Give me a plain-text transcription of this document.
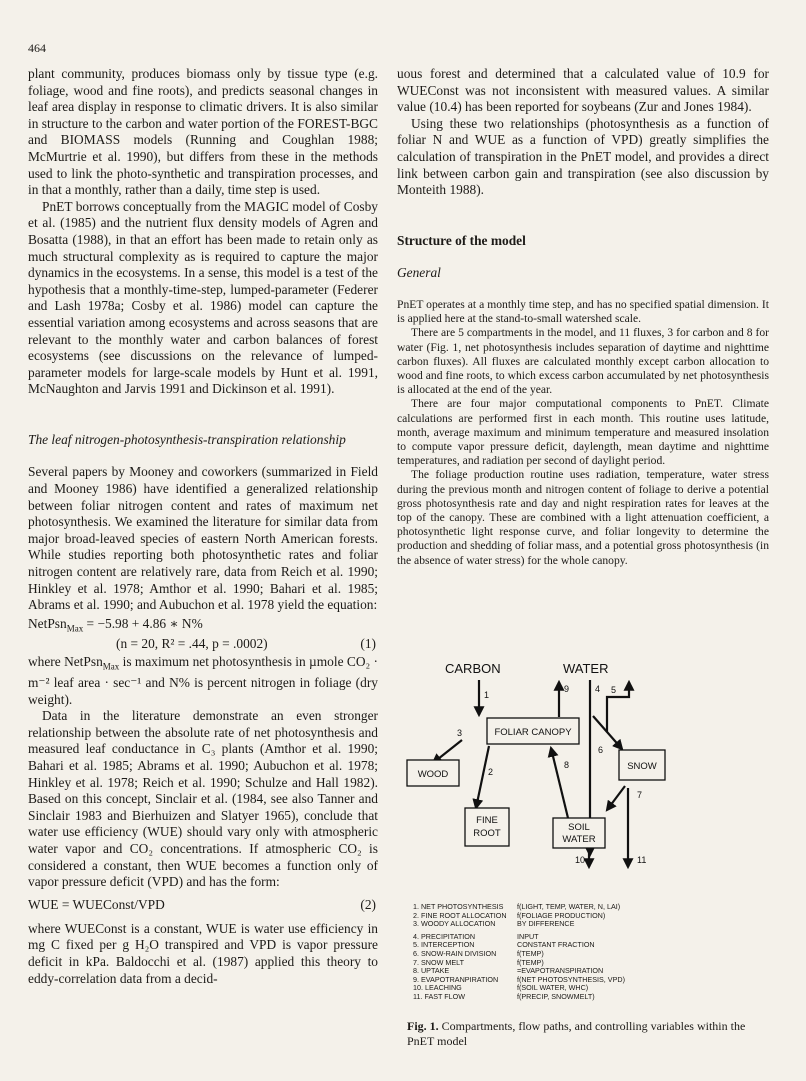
464

plant community, produces biomass only by tissue type (e.g. foliage, wood and fine roots), and predicts seasonal changes in leaf area display in response to climatic drivers. It is also similar in structure to the carbon and water portion of the FOREST-BGC and BIOMASS models (Running and Coughlan 1988; McMurtrie et al. 1990), but differs from these in the methods used to link the photo-synthetic and transpiration processes, and in that a monthly, rather than a daily, time step is used.

PnET borrows conceptually from the MAGIC model of Cosby et al. (1985) and the nutrient flux density models of Agren and Bosatta (1988), in that an effort has been made to retain only as much structural complexity as is required to capture the major dynamics in the ecosystems. In a sense, this model is a test of the hypothesis that a monthly-time-step, lumped-parameter (Federer and Lash 1978a; Cosby et al. 1986) model can capture the essential variation among ecosystems and across seasons that are relevant to the monthly water and carbon balances of forest ecosystems (see discussions on the relevance of lumped-parameter models for large-scale models by Hunt et al. 1991, McNaughton and Jarvis 1991 and Dickinson et al. 1991).

The leaf nitrogen-photosynthesis-transpiration relationship

Several papers by Mooney and coworkers (summarized in Field and Mooney 1986) have identified a generalized relationship between foliar nitrogen content and rates of maximum net photosynthesis. We examined the literature for similar data from major broad-leaved species of eastern North American forests. While studies reporting both photosynthetic rates and foliar nitrogen content are relatively rare, data from Reich et al. 1990; Hinkley et al. 1978; Amthor et al. 1990; Bahari et al. 1985; Abrams et al. 1990; and Aubuchon et al. 1978 yield the equation:

NetPsn$_{Max}$ = −5.98 + 4.86 ∗ N%
(n = 20, R² = .44, p = .0002)	(1)

where NetPsn$_{Max}$ is maximum net photosynthesis in µmole CO₂ · m⁻² leaf area · sec⁻¹ and N% is percent nitrogen in foliage (dry weight).

Data in the literature demonstrate an even stronger relationship between the absolute rate of net photosynthesis and measured leaf conductance in C₃ plants (Amthor et al. 1990; Bahari et al. 1985; Abrams et al. 1990; Aubuchon et al. 1978; Hinkley et al. 1978; Reich et al. 1990; Schulze and Hall 1982). Based on this concept, Sinclair et al. (1984, see also Tanner and Sinclair 1983 and Bierhuizen and Slatyer 1965), conclude that water use efficiency (WUE) should vary only with atmospheric water vapor and CO₂ concentrations. If atmospheric CO₂ is considered a constant, then WUE becomes a function only of vapor pressure deficit (VPD) and has the form:

WUE = WUEConst/VPD	(2)

where WUEConst is a constant, WUE is water use efficiency in mg C fixed per g H₂O transpired and VPD is vapor pressure deficit in kPa. Baldocchi et al. (1987) applied this theory to eddy-correlation data from a decid-

uous forest and determined that a calculated value of 10.9 for WUEConst was not inconsistent with measured values. A similar value (10.4) has been reported for soybeans (Zur and Jones 1984).

Using these two relationships (photosynthesis as a function of foliar N and WUE as a function of VPD) greatly simplifies the calculation of transpiration in the PnET model, and provides a direct link between carbon gain and transpiration (see also discussion by Monteith 1988).

Structure of the model

General

PnET operates at a monthly time step, and has no specified spatial dimension. It is applied here at the stand-to-small watershed scale.

There are 5 compartments in the model, and 11 fluxes, 3 for carbon and 8 for water (Fig. 1, net photosynthesis includes separation of daytime and nighttime carbon fluxes). All fluxes are calculated monthly except carbon allocation to wood and fine roots, to which excess carbon accumulated by net photosynthesis is allocated at the end of the year.

There are four major computational components to PnET. Climate calculations are performed first in each month. This routine uses latitude, month, average maximum and minimum temperature and measured insolation to compute vapor pressure deficit, daylength, mean daytime and nighttime temperatures, and radiation per second of daylight period.

The foliage production routine uses radiation, temperature, water stress during the previous month and nitrogen content of foliage to derive a potential gross photosynthesis rate and day and night respiration rates for leaves at the top of the canopy. These are combined with a light attenuation coefficient, a photosynthetic light response curve, and foliar longevity to determine the production and shedding of foliar mass, and a potential gross photosynthesis (in the absence of water stress) for the whole canopy.

CARBON	WATER
FOLIAR CANOPY
WOOD
FINE
ROOT
SNOW
SOIL
WATER
1
2
3
4 5
6
7
8
9
10	11
1. NET PHOTOSYNTHESIS	f(LIGHT, TEMP, WATER, N, LAI)
2. FINE ROOT ALLOCATION	f(FOLIAGE PRODUCTION)
3. WOODY ALLOCATION	BY DIFFERENCE
4. PRECIPITATION	INPUT
5. INTERCEPTION	CONSTANT FRACTION
6. SNOW-RAIN DIVISION	f(TEMP)
7. SNOW MELT	f(TEMP)
8. UPTAKE	=EVAPOTRANSPIRATION
9. EVAPOTRANPIRATION	f(NET PHOTOSYNTHESIS, VPD)
10. LEACHING	f(SOIL WATER, WHC)
11. FAST FLOW	f(PRECIP, SNOWMELT)
Fig. 1. Compartments, flow paths, and controlling variables within the PnET model
